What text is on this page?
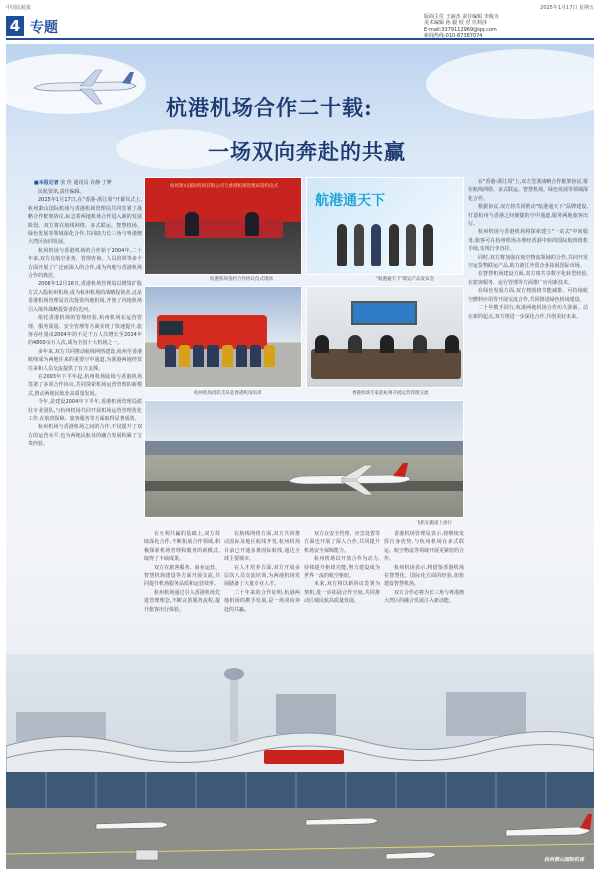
中国民航报	2025年1月17日 星期五
4 专题
版面主任 王丽杰 责任编辑 李俊为
美术编辑 孙 毅 校 对 任莉莎
E-mail:3379112969@qq.com
新闻热线:010-87387074
杭港机场合作二十载:
一场双向奔赴的共赢
■本报记者 张 佳 通讯员 许静 丁梦

民航资讯,责任编辑。

2025年1月17日,在"香港-浙江周"开幕仪式上,杭州萧山国际机场与香港机场管理局共同签署了战略合作框架协议,标志着两地机场合作进入新的发展阶段。双方将在航线网络、多式联运、智慧机场、绿色发展等领域深化合作,共同助力长三角与粤港澳大湾区协同发展。

杭州机场与香港机场的合作始于2004年,二十年来,双方在航空业务、管理咨询、人员培训等多个方面开展了广泛而深入的合作,成为内地与香港机场合作的典范。

2006年12月16日,香港机场管理局以增资扩股方式入股杭州机场,成为杭州机场的战略投资者,这是香港机场管理局首次投资内地机场,开创了内地机场引入境外战略投资者的先河。

依托香港机场的管理经验,杭州机场在运营管理、服务质量、安全管理等方面实现了快速提升,旅客吞吐量由2004年的不足千万人次增长至2024年的4800余万人次,成为全国十大机场之一。

多年来,双方共同推动航线网络建设,杭州至香港航线成为两地往来的重要空中通道,为浙港两地经贸往来和人员交流提供了有力支撑。

在2003年下半年起,杭州机场陆续与香港机场签署了多项合作协议,共同探索机场运营管理的新模式,推动两地民航业高质量发展。

今年,是建设2004年下半年,香港机场管理局派驻专业团队,与杭州机场共同开展机场运营管理优化工作,在航班保障、旅客服务等方面取得显著成效。

杭州机场与香港机场之间的合作,不仅提升了双方的运营水平,也为两地民航业的融合发展积累了宝贵经验。

杭州萧山国际机场有限公司与香港机场管理局签约仪式
杭港机场签约合作协议仪式现场
航港通天下
"航港通天下"联运产品发布会
杭州机场消防支队赴香港机场培训	香港机场专家赴杭州开展运营管理交流

在"香港-浙江周"上,双方签署战略合作框架协议,将在航线网络、多式联运、智慧机场、绿色发展等领域深化合作。

根据协议,双方将共同推动"航港通天下"品牌建设,打造杭州与香港之间便捷的空中通道,服务两地旅客出行。

杭州机场与香港机场将探索建立"一站式"中转服务,旅客可在杭州机场办理经香港中转的国际航班值机手续,实现行李直挂。

同时,双方将加强在航空物流领域的合作,共同开发空运货物联运产品,助力浙江外贸企业拓展国际市场。

在智慧机场建设方面,双方将共享数字化转型经验,在旅客服务、运行管理等方面推广应用新技术。

在绿色发展方面,双方将围绕节能减排、可持续航空燃料应用等开展交流合作,共同推进绿色机场建设。

二十年携手同行,杭港两地机场合作历久弥新。站在新的起点,双方将进一步深化合作,共创美好未来。

飞机在跑道上滑行

在互利共赢的基础上,双方持续深化合作,不断拓展合作领域,积极探索机场管理和服务的新模式,取得了丰硕成果。

双方在旅客服务、商业运营、智慧机场建设等方面开展交流,共同提升机场服务品质和运营效率。

杭州机场通过引入香港机场先进管理理念,不断完善服务流程,提升旅客出行体验。

在航线网络方面,双方共同推动国际及地区航线开发,杭州机场目前已开通多条国际航线,通达全球主要城市。

在人才培养方面,双方开展多层次人员交流培训,为两地机场发展储备了大量专业人才。

二十年来的合作证明,杭港两地机场的携手发展,是一场双向奔赴的共赢。

双方在安全管理、应急处置等方面也开展了深入合作,共同提升机场安全保障能力。

杭州机场以开放合作为动力,持续提升枢纽功能,努力建设成为世界一流的航空枢纽。

未来,双方将以新协议签署为契机,进一步拓展合作空间,共同推动区域民航高质量发展。

香港机场管理局表示,将继续发挥自身优势,与杭州机场在多式联运、航空物流等领域开展更紧密的合作。

杭州机场表示,将借鉴香港机场在智慧化、国际化方面的经验,加快建设智慧机场。

双方合作必将为长三角与粤港澳大湾区的融合发展注入新动能。

杭州萧山国际机场
